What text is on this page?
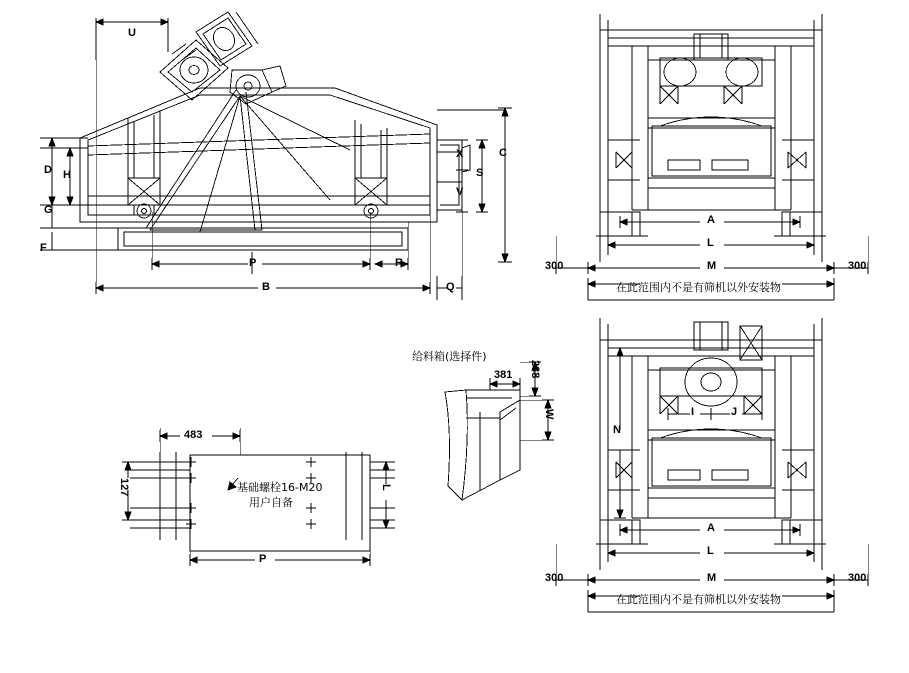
U
D H
G
F
P	R
B	Q
C
S
X
V
A
L
M
300	300
在此范围内不是有筛机以外安装物
A
L
M
N
I	J
300	300
在此范围内不是有筛机以外安装物
给料箱(选择件)
381 238
W
483
127
P
L
基础螺栓16-M20
用户自备
